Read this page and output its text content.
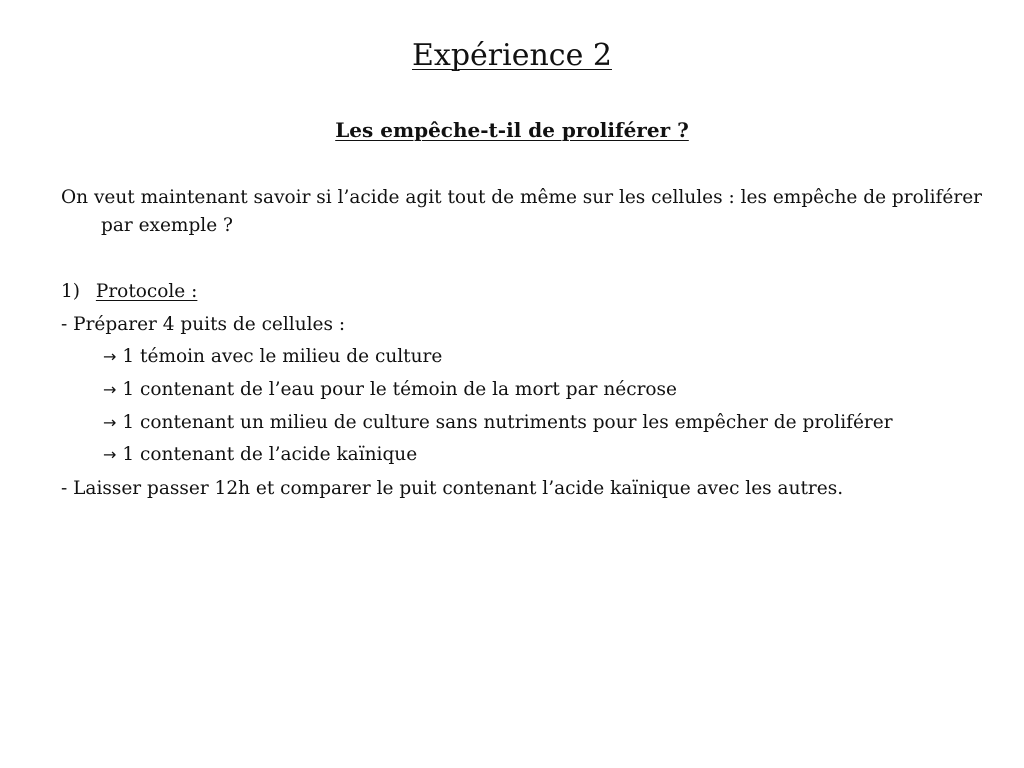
Expérience 2
Les empêche-t-il de proliférer ?
On veut maintenant savoir si l’acide agit tout de même sur les cellules : les empêche de proliférer par exemple ?
1) Protocole :
- Préparer 4 puits de cellules :
→ 1 témoin avec le milieu de culture
→ 1 contenant de l’eau pour le témoin de la mort par nécrose
→ 1 contenant un milieu de culture sans nutriments pour les empêcher de proliférer
→ 1 contenant de l’acide kaïnique
- Laisser passer 12h et comparer le puit contenant l’acide kaïnique avec les autres.
